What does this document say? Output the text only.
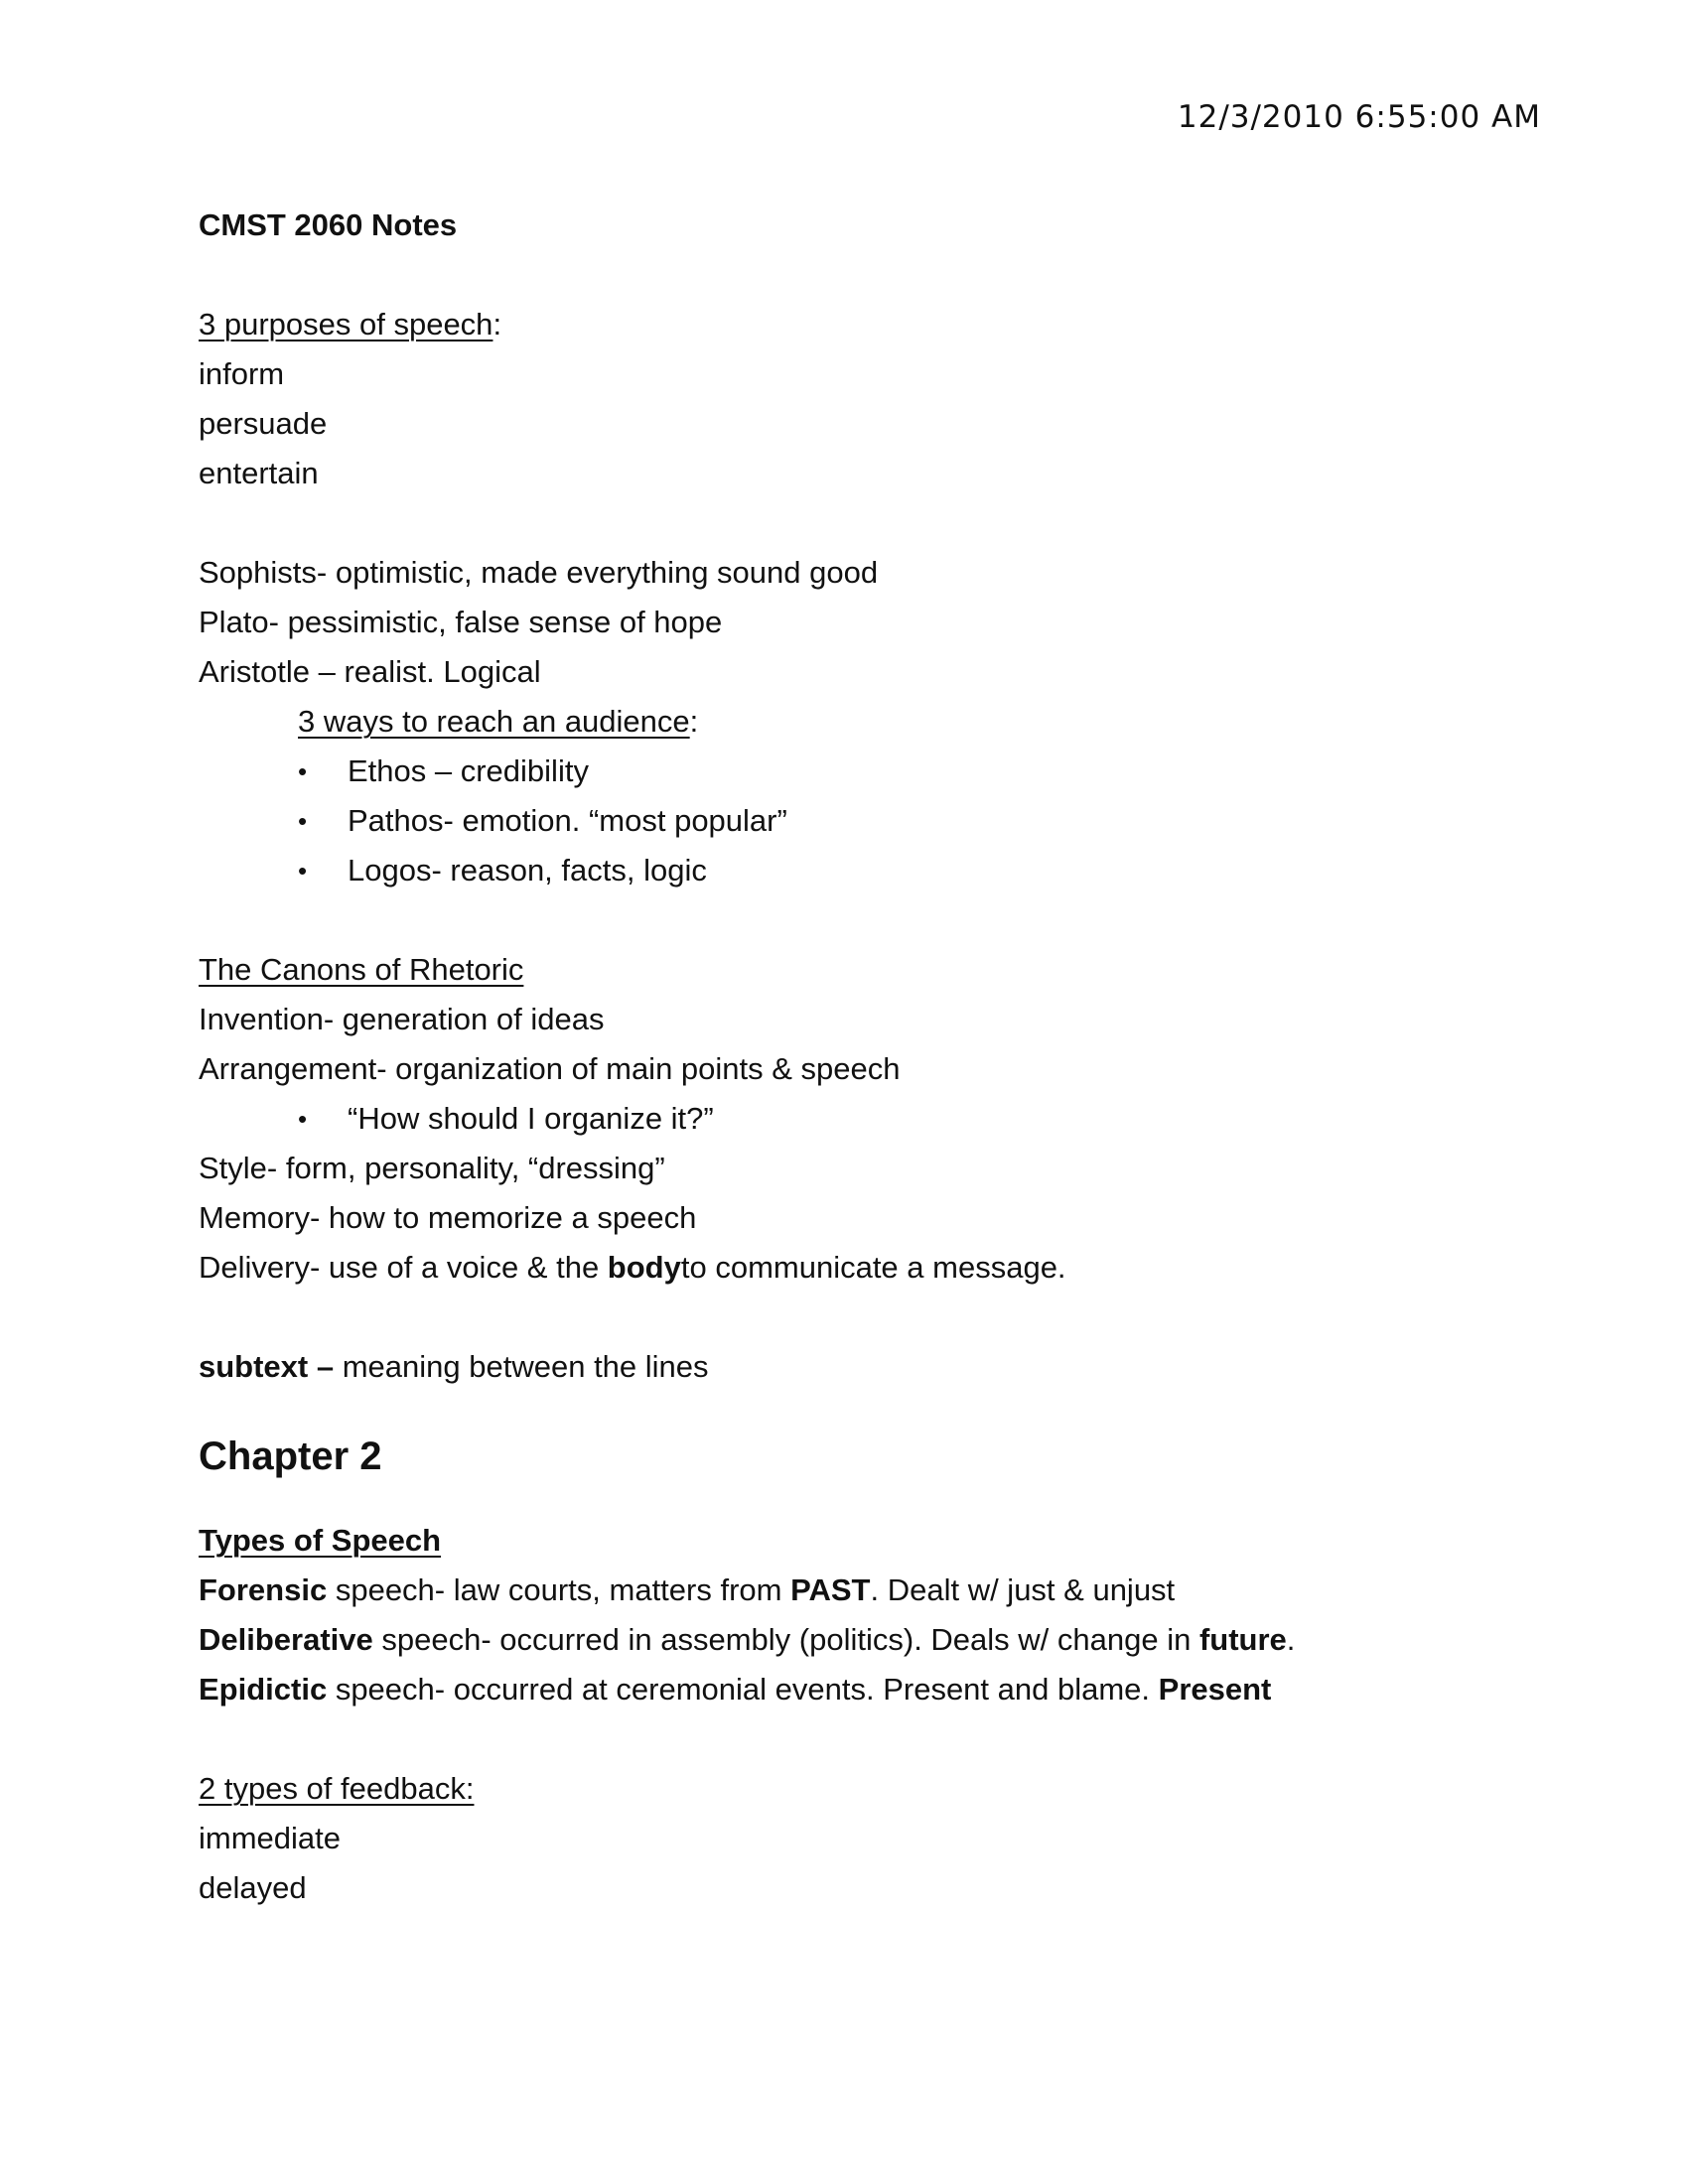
12/3/2010 6:55:00 AM
CMST 2060 Notes
3 purposes of speech:
inform
persuade
entertain
Sophists- optimistic, made everything sound good
Plato- pessimistic, false sense of hope
Aristotle – realist. Logical
3 ways to reach an audience:
•	Ethos – credibility
•	Pathos- emotion. “most popular”
•	Logos- reason, facts, logic
The Canons of Rhetoric
Invention- generation of ideas
Arrangement- organization of main points & speech
•	“How should I organize it?”
Style- form, personality, “dressing”
Memory- how to memorize a speech
Delivery- use of a voice & the bodyto communicate a message.
subtext – meaning between the lines
Chapter 2
Types of Speech
Forensic speech- law courts, matters from PAST. Dealt w/ just & unjust
Deliberative speech- occurred in assembly (politics). Deals w/ change in future.
Epidictic speech- occurred at ceremonial events. Present and blame. Present
2 types of feedback:
immediate
delayed
